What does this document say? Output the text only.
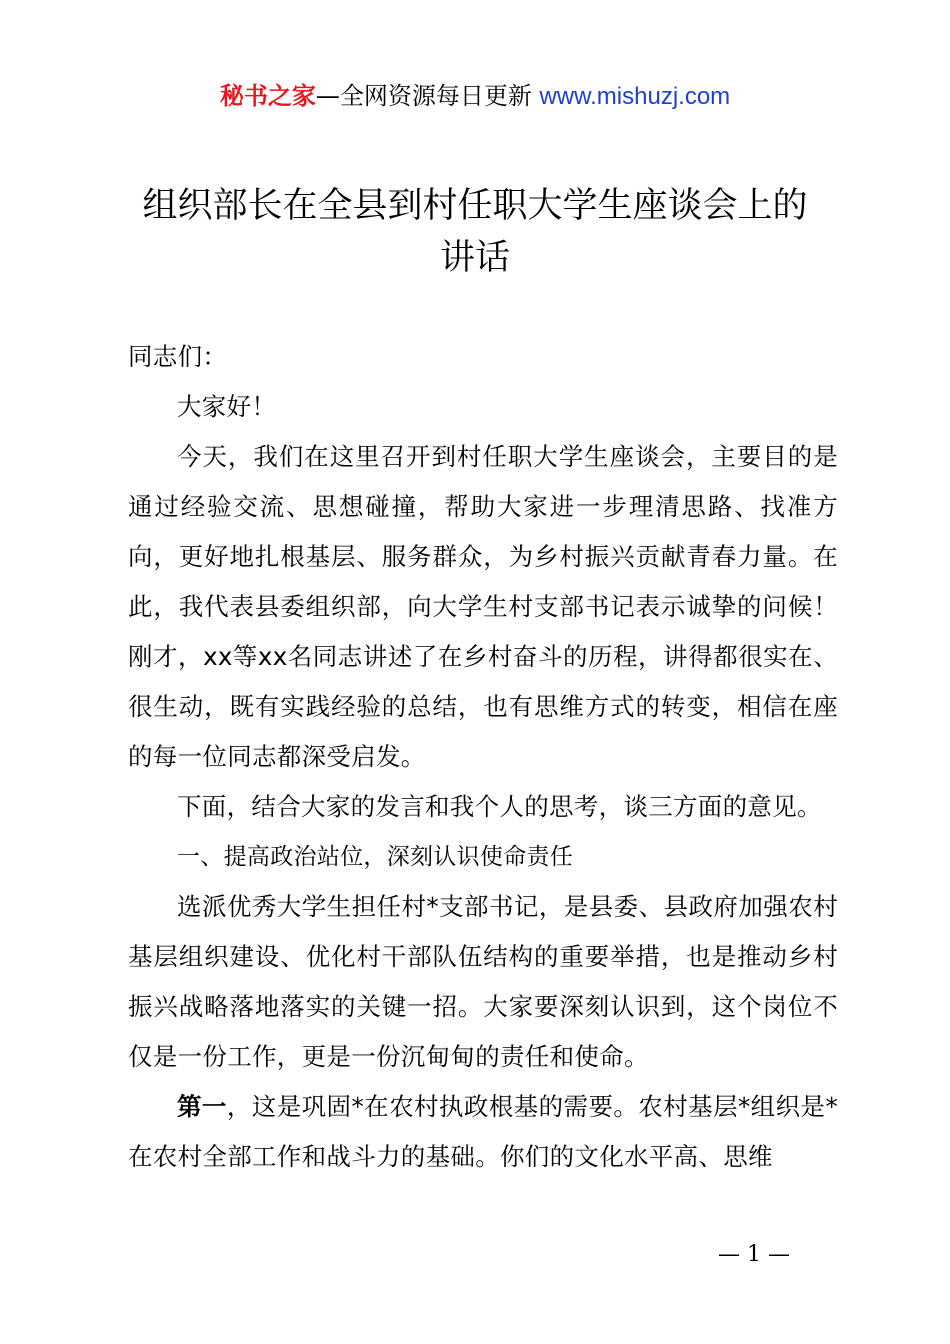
秘书之家—全网资源每日更新 www.mishuzj.com
组织部长在全县到村任职大学生座谈会上的
讲话

同志们：

大家好！

今天，我们在这里召开到村任职大学生座谈会，主要目的是通过经验交流、思想碰撞，帮助大家进一步理清思路、找准方向，更好地扎根基层、服务群众，为乡村振兴贡献青春力量。在此，我代表县委组织部，向大学生村支部书记表示诚挚的问候！刚才，xx等xx名同志讲述了在乡村奋斗的历程，讲得都很实在、很生动，既有实践经验的总结，也有思维方式的转变，相信在座的每一位同志都深受启发。

下面，结合大家的发言和我个人的思考，谈三方面的意见。

一、提高政治站位，深刻认识使命责任

选派优秀大学生担任村*支部书记，是县委、县政府加强农村基层组织建设、优化村干部队伍结构的重要举措，也是推动乡村振兴战略落地落实的关键一招。大家要深刻认识到，这个岗位不仅是一份工作，更是一份沉甸甸的责任和使命。

第一，这是巩固*在农村执政根基的需要。农村基层*组织是*在农村全部工作和战斗力的基础。你们的文化水平高、思维

— 1 —
